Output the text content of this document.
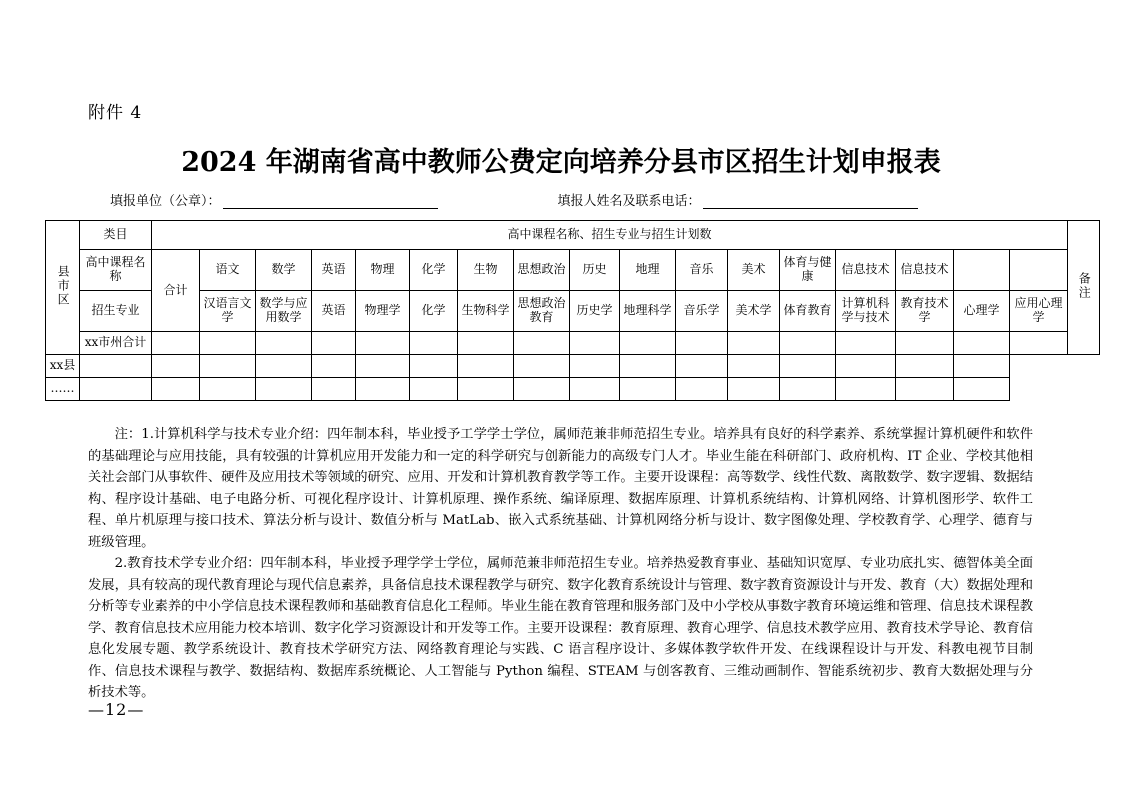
附件 4
2024 年湖南省高中教师公费定向培养分县市区招生计划申报表
填报单位（公章）：	填报人姓名及联系电话：
县市区	类目	高中课程名称、招生专业与招生计划数																	备注
	高中课程名称	合计	语文	数学	英语	物理	化学	生物	思想政治	历史	地理	音乐	美术	体育与健康	信息技术	信息技术			
	招生专业		汉语言文学	数学与应用数学	英语	物理学	化学	生物科学	思想政治教育	历史学	地理科学	音乐学	美术学	体育教育	计算机科学与技术	教育技术学	心理学	应用心理学	
	xx市州合计																		
xx县																			
……																			

注：1.计算机科学与技术专业介绍：四年制本科，毕业授予工学学士学位，属师范兼非师范招生专业。培养具有良好的科学素养、系统掌握计算机硬件和软件的基础理论与应用技能，具有较强的计算机应用开发能力和一定的科学研究与创新能力的高级专门人才。毕业生能在科研部门、政府机构、IT 企业、学校其他相关社会部门从事软件、硬件及应用技术等领域的研究、应用、开发和计算机教育教学等工作。主要开设课程：高等数学、线性代数、离散数学、数字逻辑、数据结构、程序设计基础、电子电路分析、可视化程序设计、计算机原理、操作系统、编译原理、数据库原理、计算机系统结构、计算机网络、计算机图形学、软件工程、单片机原理与接口技术、算法分析与设计、数值分析与 MatLab、嵌入式系统基础、计算机网络分析与设计、数字图像处理、学校教育学、心理学、德育与班级管理。

2.教育技术学专业介绍：四年制本科，毕业授予理学学士学位，属师范兼非师范招生专业。培养热爱教育事业、基础知识宽厚、专业功底扎实、德智体美全面发展，具有较高的现代教育理论与现代信息素养，具备信息技术课程教学与研究、数字化教育系统设计与管理、数字教育资源设计与开发、教育（大）数据处理和分析等专业素养的中小学信息技术课程教师和基础教育信息化工程师。毕业生能在教育管理和服务部门及中小学校从事数字教育环境运维和管理、信息技术课程教学、教育信息技术应用能力校本培训、数字化学习资源设计和开发等工作。主要开设课程：教育原理、教育心理学、信息技术教学应用、教育技术学导论、教育信息化发展专题、教学系统设计、教育技术学研究方法、网络教育理论与实践、C 语言程序设计、多媒体教学软件开发、在线课程设计与开发、科教电视节目制作、信息技术课程与教学、数据结构、数据库系统概论、人工智能与 Python 编程、STEAM 与创客教育、三维动画制作、智能系统初步、教育大数据处理与分析技术等。

—12—
